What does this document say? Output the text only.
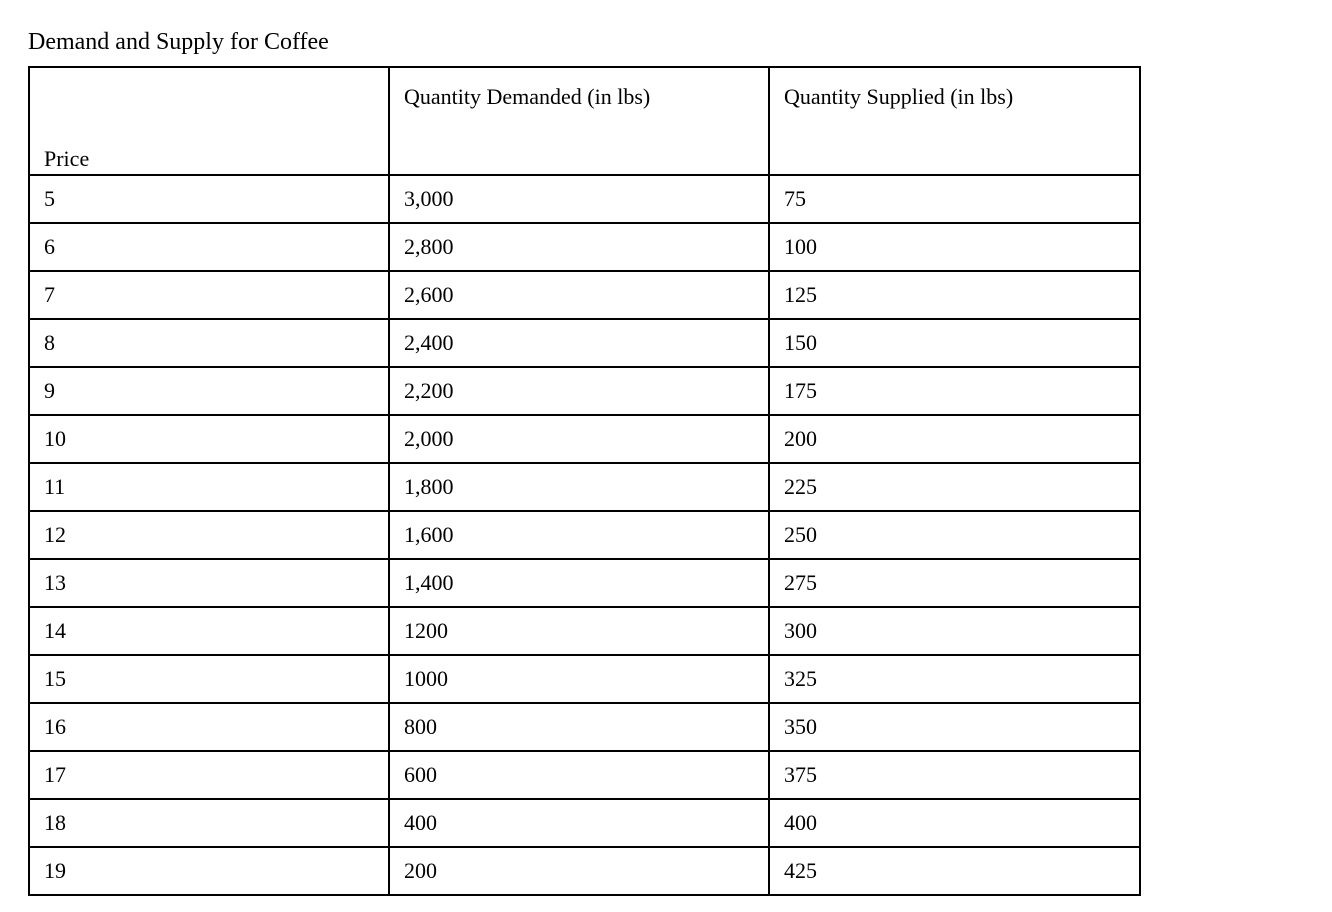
Demand and Supply for Coffee
Price	Quantity Demanded (in lbs)	Quantity Supplied (in lbs)
5	3,000	75
6	2,800	100
7	2,600	125
8	2,400	150
9	2,200	175
10	2,000	200
11	1,800	225
12	1,600	250
13	1,400	275
14	1200	300
15	1000	325
16	800	350
17	600	375
18	400	400
19	200	425
